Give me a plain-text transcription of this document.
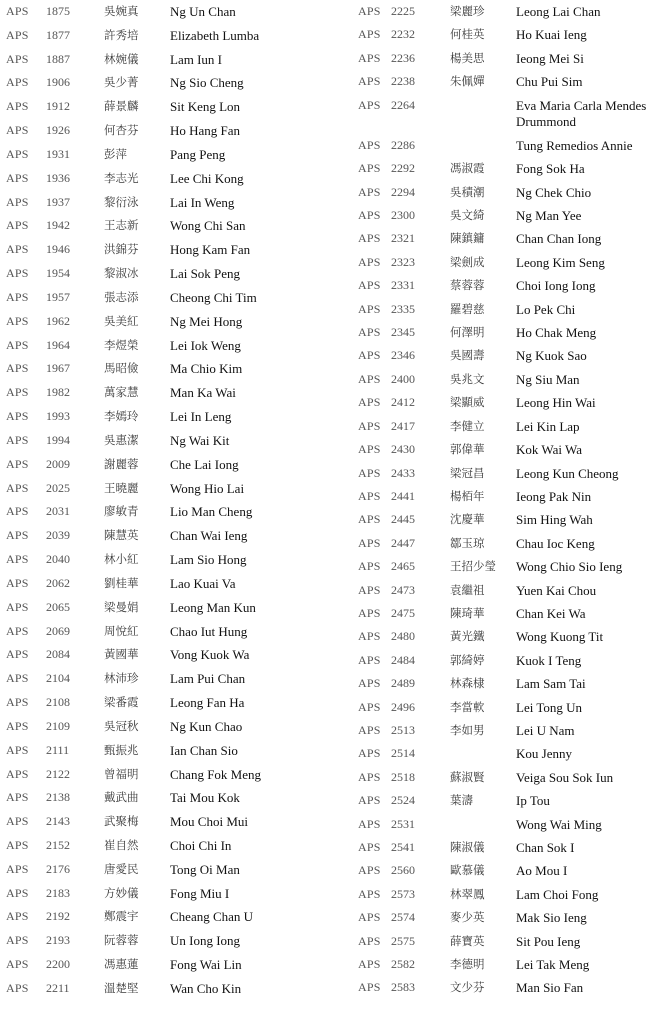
APS	1875	吳婉真	Ng Un Chan
APS	1877	許秀培	Elizabeth Lumba
APS	1887	林婉儀	Lam Iun I
APS	1906	吳少菁	Ng Sio Cheng
APS	1912	薛景麟	Sit Keng Lon
APS	1926	何杏芬	Ho Hang Fan
APS	1931	彭萍	Pang Peng
APS	1936	李志光	Lee Chi Kong
APS	1937	黎衍泳	Lai In Weng
APS	1942	王志新	Wong Chi San
APS	1946	洪錦芬	Hong Kam Fan
APS	1954	黎淑冰	Lai Sok Peng
APS	1957	張志添	Cheong Chi Tim
APS	1962	吳美紅	Ng Mei Hong
APS	1964	李煜榮	Lei Iok Weng
APS	1967	馬昭儉	Ma Chio Kim
APS	1982	萬家慧	Man Ka Wai
APS	1993	李嫣玲	Lei In Leng
APS	1994	吳惠潔	Ng Wai Kit
APS	2009	謝麗蓉	Che Lai Iong
APS	2025	王曉麗	Wong Hio Lai
APS	2031	廖敏青	Lio Man Cheng
APS	2039	陳慧英	Chan Wai Ieng
APS	2040	林小紅	Lam Sio Hong
APS	2062	劉桂華	Lao Kuai Va
APS	2065	梁曼娟	Leong Man Kun
APS	2069	周悅紅	Chao Iut Hung
APS	2084	黃國華	Vong Kuok Wa
APS	2104	林沛珍	Lam Pui Chan
APS	2108	梁番霞	Leong Fan Ha
APS	2109	吳冠秋	Ng Kun Chao
APS	2111	甄振兆	Ian Chan Sio
APS	2122	曾福明	Chang Fok Meng
APS	2138	戴武曲	Tai Mou Kok
APS	2143	武聚梅	Mou Choi Mui
APS	2152	崔自然	Choi Chi In
APS	2176	唐愛民	Tong Oi Man
APS	2183	方妙儀	Fong Miu I
APS	2192	鄭震宇	Cheang Chan U
APS	2193	阮蓉蓉	Un Iong Iong
APS	2200	馮惠蓮	Fong Wai Lin
APS	2211	溫楚堅	Wan Cho Kin
APS 2225	梁麗珍	Leong Lai Chan
APS 2232	何桂英	Ho Kuai Ieng
APS 2236	楊美思	Ieong Mei Si
APS 2238	朱佩嬋	Chu Pui Sim
APS 2264	Eva Maria Carla Mendes Drummond
APS 2286	Tung Remedios Annie
APS 2292	馮淑霞	Fong Sok Ha
APS 2294	吳積潮	Ng Chek Chio
APS 2300	吳文綺	Ng Man Yee
APS 2321	陳鎮鏞	Chan Chan Iong
APS 2323	梁劍成	Leong Kim Seng
APS 2331	蔡蓉蓉	Choi Iong Iong
APS 2335	羅碧慈	Lo Pek Chi
APS 2345	何澤明	Ho Chak Meng
APS 2346	吳國壽	Ng Kuok Sao
APS 2400	吳兆文	Ng Siu Man
APS 2412	梁顯威	Leong Hin Wai
APS 2417	李健立	Lei Kin Lap
APS 2430	郭偉華	Kok Wai Wa
APS 2433	梁冠昌	Leong Kun Cheong
APS 2441	楊栢年	Ieong Pak Nin
APS 2445	沈慶華	Sim Hing Wah
APS 2447	鄒玉琼	Chau Ioc Keng
APS 2465	王招少瑩	Wong Chio Sio Ieng
APS 2473	袁繼祖	Yuen Kai Chou
APS 2475	陳琦華	Chan Kei Wa
APS 2480	黃光鐵	Wong Kuong Tit
APS 2484	郭綺婷	Kuok I Teng
APS 2489	林森棣	Lam Sam Tai
APS 2496	李當軟	Lei Tong Un
APS 2513	李如男	Lei U Nam
APS 2514	Kou Jenny
APS 2518	蘇淑賢	Veiga Sou Sok Iun
APS 2524	葉濤	Ip Tou
APS 2531	Wong Wai Ming
APS 2541	陳淑儀	Chan Sok I
APS 2560	歐慕儀	Ao Mou I
APS 2573	林翠鳳	Lam Choi Fong
APS 2574	麥少英	Mak Sio Ieng
APS 2575	薛寶英	Sit Pou Ieng
APS 2582	李德明	Lei Tak Meng
APS 2583	文少芬	Man Sio Fan
